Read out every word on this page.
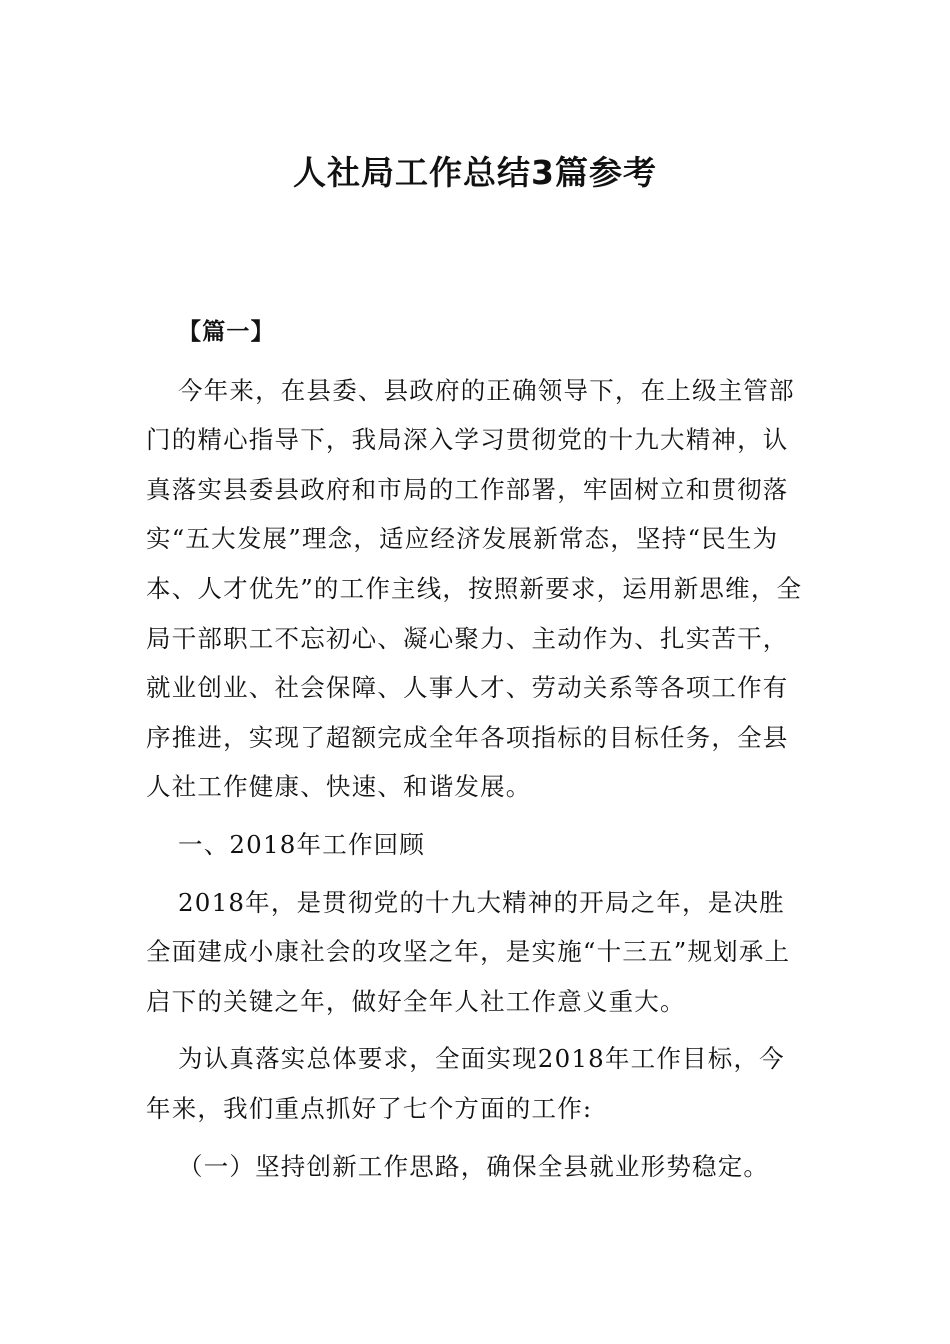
人社局工作总结3篇参考

【篇一】

今年来，在县委、县政府的正确领导下，在上级主管部门的精心指导下，我局深入学习贯彻党的十九大精神，认真落实县委县政府和市局的工作部署，牢固树立和贯彻落实“五大发展”理念，适应经济发展新常态，坚持“民生为本、人才优先”的工作主线，按照新要求，运用新思维，全局干部职工不忘初心、凝心聚力、主动作为、扎实苦干，就业创业、社会保障、人事人才、劳动关系等各项工作有序推进，实现了超额完成全年各项指标的目标任务，全县人社工作健康、快速、和谐发展。

一、2018年工作回顾

2018年，是贯彻党的十九大精神的开局之年，是决胜全面建成小康社会的攻坚之年，是实施“十三五”规划承上启下的关键之年，做好全年人社工作意义重大。

为认真落实总体要求，全面实现2018年工作目标，今年来，我们重点抓好了七个方面的工作:

（一）坚持创新工作思路，确保全县就业形势稳定。
